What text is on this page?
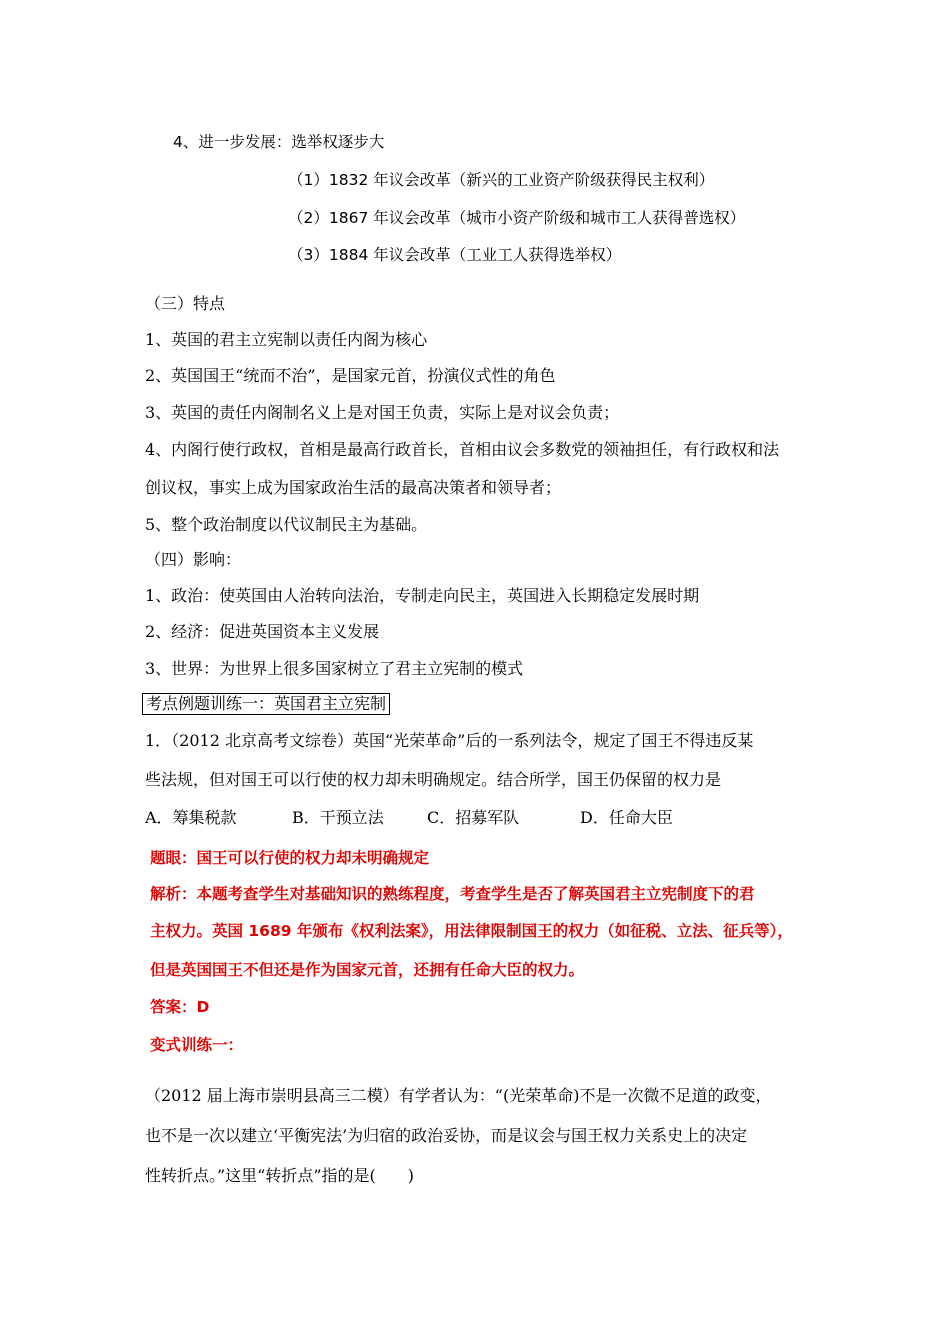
4、进一步发展：选举权逐步大
（1）1832 年议会改革（新兴的工业资产阶级获得民主权利）
（2）1867 年议会改革（城市小资产阶级和城市工人获得普选权）
（3）1884 年议会改革（工业工人获得选举权）
（三）特点
1、英国的君主立宪制以责任内阁为核心
2、英国国王“统而不治”，是国家元首，扮演仪式性的角色
3、英国的责任内阁制名义上是对国王负责，实际上是对议会负责；
4、内阁行使行政权，首相是最高行政首长，首相由议会多数党的领袖担任，有行政权和法
创议权，事实上成为国家政治生活的最高决策者和领导者；
5、整个政治制度以代议制民主为基础。
（四）影响：
1、政治：使英国由人治转向法治，专制走向民主，英国进入长期稳定发展时期
2、经济：促进英国资本主义发展
3、世界：为世界上很多国家树立了君主立宪制的模式
考点例题训练一：英国君主立宪制
1．（2012 北京高考文综卷）英国“光荣革命”后的一系列法令，规定了国王不得违反某
些法规，但对国王可以行使的权力却未明确规定。结合所学，国王仍保留的权力是
A．筹集税款	B．干预立法	C．招募军队	D．任命大臣
题眼：国王可以行使的权力却未明确规定
解析：本题考查学生对基础知识的熟练程度，考查学生是否了解英国君主立宪制度下的君
主权力。英国 1689 年颁布《权利法案》，用法律限制国王的权力（如征税、立法、征兵等），
但是英国国王不但还是作为国家元首，还拥有任命大臣的权力。
答案：D
变式训练一：
（2012 届上海市崇明县高三二模）有学者认为：“(光荣革命)不是一次微不足道的政变，
也不是一次以建立‘平衡宪法’为归宿的政治妥协，而是议会与国王权力关系史上的决定
性转折点。”这里“转折点”指的是(　　)
